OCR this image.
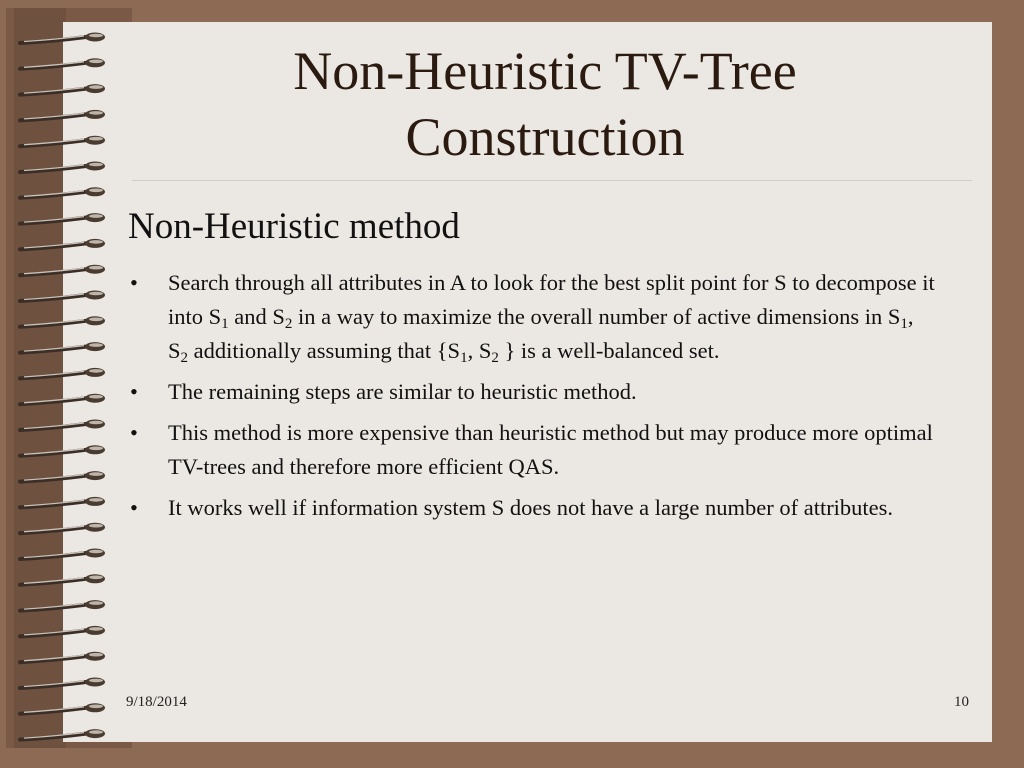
Non-Heuristic TV-Tree
Construction
Non-Heuristic method
• Search through all attributes in A to look for the best split point for S to decompose it into $S_1$ and $S_2$ in a way to maximize the overall number of active dimensions in $S_1$, $S_2$ additionally assuming that {$S_1$, $S_2$ } is a well-balanced set.
• The remaining steps are similar to heuristic method.
• This method is more expensive than heuristic method but may produce more optimal TV-trees and therefore more efficient QAS.
• It works well if information system S does not have a large number of attributes.
9/18/2014	10
